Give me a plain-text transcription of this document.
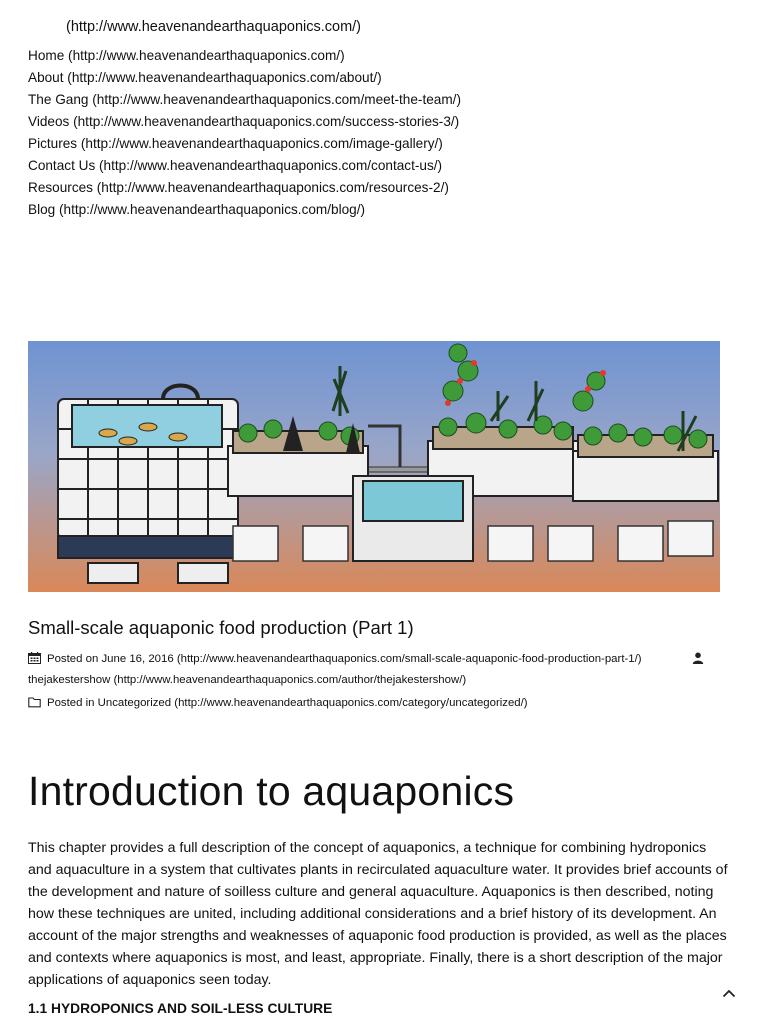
(http://www.heavenandearthaquaponics.com/)
Home (http://www.heavenandearthaquaponics.com/)
About (http://www.heavenandearthaquaponics.com/about/)
The Gang (http://www.heavenandearthaquaponics.com/meet-the-team/)
Videos (http://www.heavenandearthaquaponics.com/success-stories-3/)
Pictures (http://www.heavenandearthaquaponics.com/image-gallery/)
Contact Us (http://www.heavenandearthaquaponics.com/contact-us/)
Resources (http://www.heavenandearthaquaponics.com/resources-2/)
Blog (http://www.heavenandearthaquaponics.com/blog/)
Small-scale aquaponic food production (Part 1)
Posted on June 16, 2016 (http://www.heavenandearthaquaponics.com/small-scale-aquaponic-food-production-part-1/)
thejakestershow (http://www.heavenandearthaquaponics.com/author/thejakestershow/)
Posted in Uncategorized (http://www.heavenandearthaquaponics.com/category/uncategorized/)
Introduction to aquaponics

This chapter provides a full description of the concept of aquaponics, a technique for combining hydroponics and aquaculture in a system that cultivates plants in recirculated aquaculture water. It provides brief accounts of the development and nature of soilless culture and general aquaculture. Aquaponics is then described, noting how these techniques are united, including additional considerations and a brief history of its development. An account of the major strengths and weaknesses of aquaponic food production is provided, as well as the places and contexts where aquaponics is most, and least, appropriate. Finally, there is a short description of the major applications of aquaponics seen today.

1.1 HYDROPONICS AND SOIL-LESS CULTURE
